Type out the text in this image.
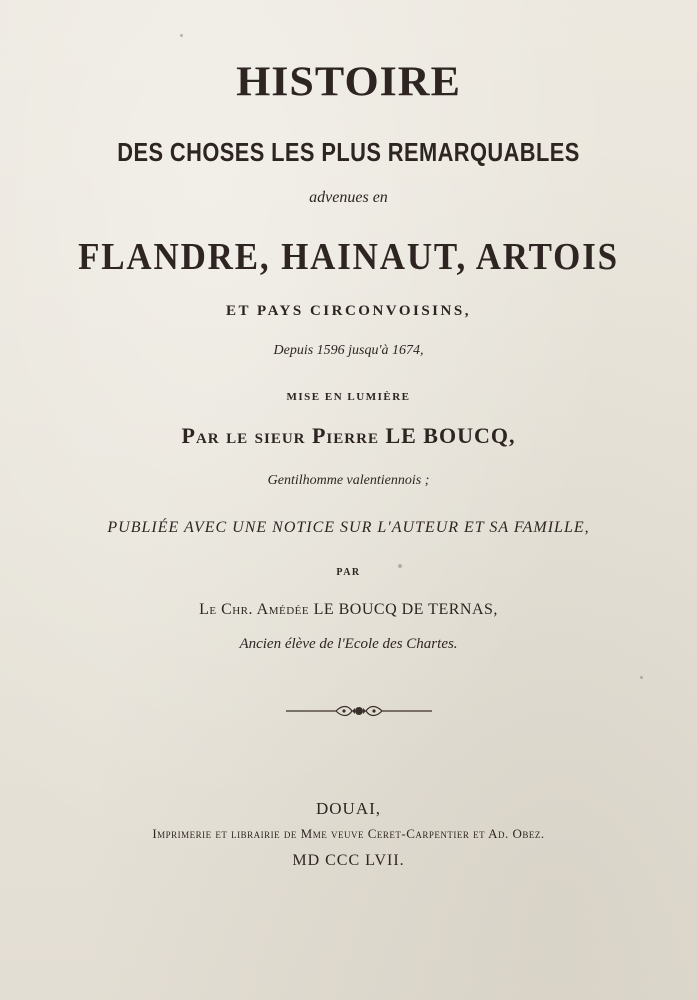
HISTOIRE
DES CHOSES LES PLUS REMARQUABLES
advenues en
FLANDRE, HAINAUT, ARTOIS
ET PAYS CIRCONVOISINS,
Depuis 1596 jusqu'à 1674,
MISE EN LUMIÈRE
Par le sieur Pierre LE BOUCQ,
Gentilhomme valentiennois ;
PUBLIÉE AVEC UNE NOTICE SUR L'AUTEUR ET SA FAMILLE,
PAR
Le Chr. Amédée LE BOUCQ DE TERNAS,
Ancien élève de l'Ecole des Chartes.
DOUAI,
Imprimerie et librairie de Mme veuve Ceret-Carpentier et Ad. Obez.
MD CCC LVII.
